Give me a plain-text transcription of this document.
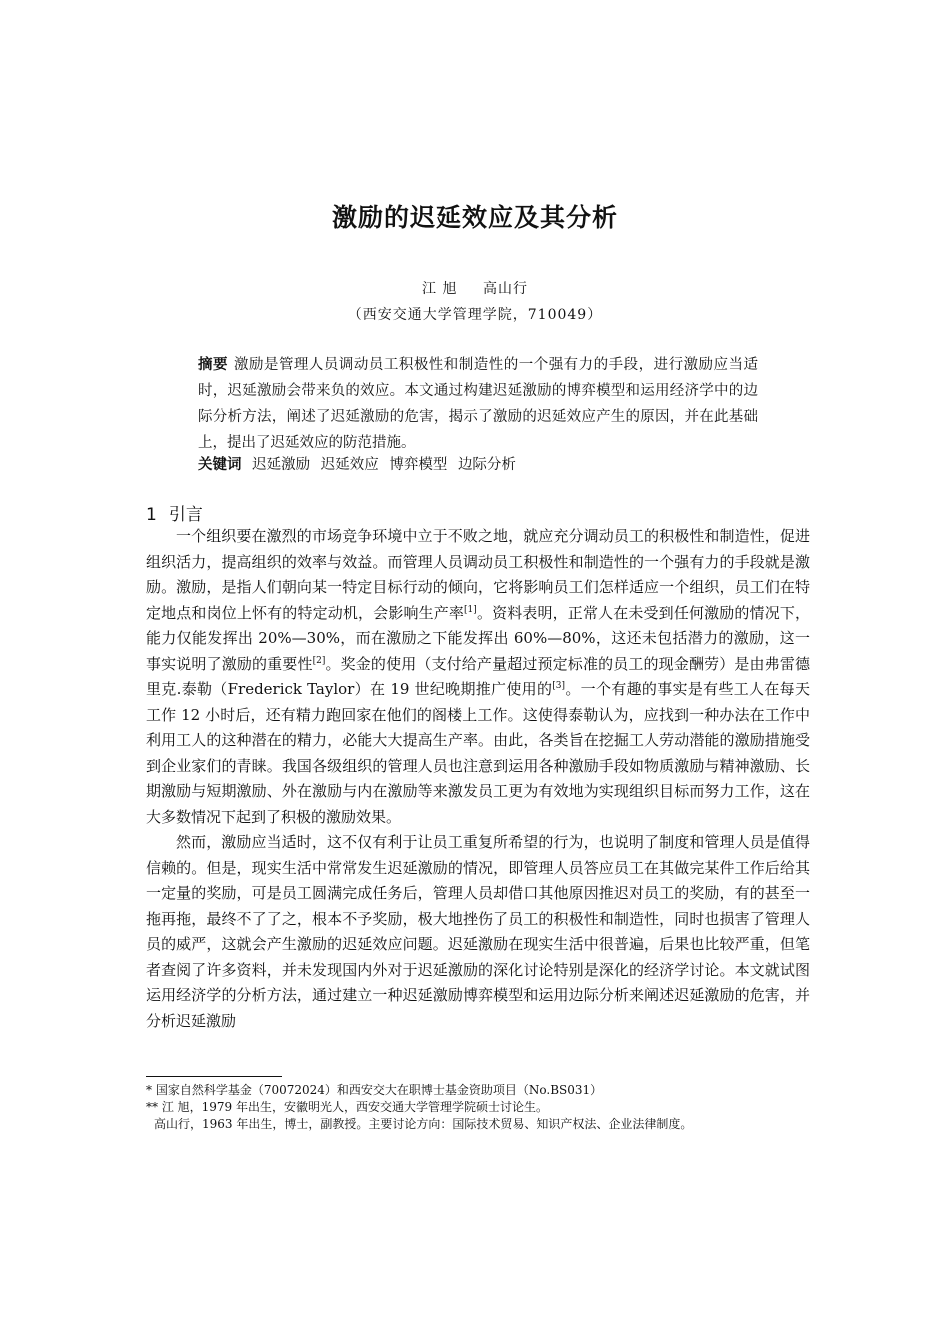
激励的迟延效应及其分析
江 旭 高山行
（西安交通大学管理学院，710049）
摘要 激励是管理人员调动员工积极性和制造性的一个强有力的手段，进行激励应当适时，迟延激励会带来负的效应。本文通过构建迟延激励的博弈模型和运用经济学中的边际分析方法，阐述了迟延激励的危害，揭示了激励的迟延效应产生的原因，并在此基础上，提出了迟延效应的防范措施。
关键词 迟延激励 迟延效应 博弈模型 边际分析
1 引言

一个组织要在激烈的市场竞争环境中立于不败之地，就应充分调动员工的积极性和制造性，促进组织活力，提高组织的效率与效益。而管理人员调动员工积极性和制造性的一个强有力的手段就是激励。激励，是指人们朝向某一特定目标行动的倾向，它将影响员工们怎样适应一个组织，员工们在特定地点和岗位上怀有的特定动机，会影响生产率[1]。资料表明，正常人在未受到任何激励的情况下，能力仅能发挥出 20%—30%，而在激励之下能发挥出 60%—80%，这还未包括潜力的激励，这一事实说明了激励的重要性[2]。奖金的使用（支付给产量超过预定标准的员工的现金酬劳）是由弗雷德里克.泰勒（Frederick Taylor）在 19 世纪晚期推广使用的[3]。一个有趣的事实是有些工人在每天工作 12 小时后，还有精力跑回家在他们的阁楼上工作。这使得泰勒认为，应找到一种办法在工作中利用工人的这种潜在的精力，必能大大提高生产率。由此，各类旨在挖掘工人劳动潜能的激励措施受到企业家们的青睐。我国各级组织的管理人员也注意到运用各种激励手段如物质激励与精神激励、长期激励与短期激励、外在激励与内在激励等来激发员工更为有效地为实现组织目标而努力工作，这在大多数情况下起到了积极的激励效果。

然而，激励应当适时，这不仅有利于让员工重复所希望的行为，也说明了制度和管理人员是值得信赖的。但是，现实生活中常常发生迟延激励的情况，即管理人员答应员工在其做完某件工作后给其一定量的奖励，可是员工圆满完成任务后，管理人员却借口其他原因推迟对员工的奖励，有的甚至一拖再拖，最终不了了之，根本不予奖励，极大地挫伤了员工的积极性和制造性，同时也损害了管理人员的威严，这就会产生激励的迟延效应问题。迟延激励在现实生活中很普遍，后果也比较严重，但笔者查阅了许多资料，并未发现国内外对于迟延激励的深化讨论特别是深化的经济学讨论。本文就试图运用经济学的分析方法，通过建立一种迟延激励博弈模型和运用边际分析来阐述迟延激励的危害，并分析迟延激励

* 国家自然科学基金（70072024）和西安交大在职博士基金资助项目（No.BS031）
** 江 旭，1979 年出生，安徽明光人，西安交通大学管理学院硕士讨论生。
高山行，1963 年出生，博士，副教授。主要讨论方向：国际技术贸易、知识产权法、企业法律制度。
